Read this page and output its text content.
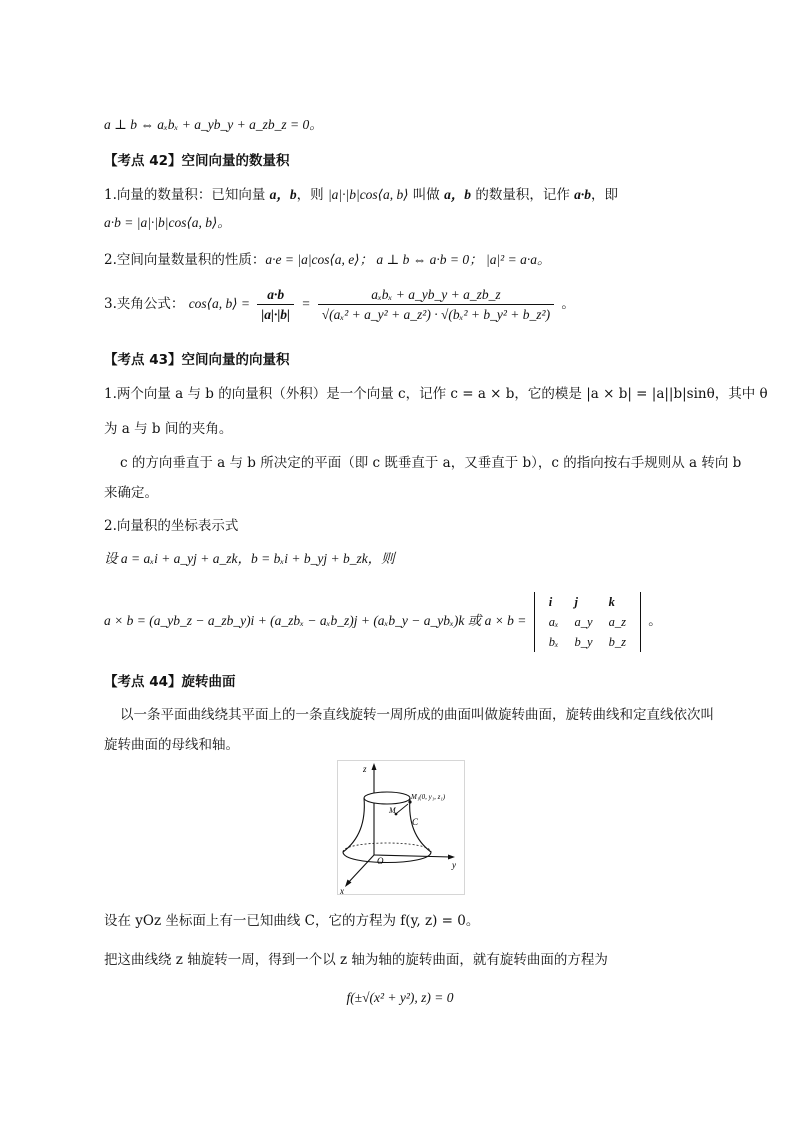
a ⊥ b ⇔ aₓbₓ + a_yb_y + a_zb_z = 0。
【考点 42】空间向量的数量积
1.向量的数量积：已知向量 a，b，则 |a|·|b|cos⟨a, b⟩ 叫做 a，b 的数量积，记作 a·b，即
a·b = |a|·|b|cos⟨a, b⟩。
2.空间向量数量积的性质：a·e = |a|cos⟨a, e⟩； a ⊥ b ⇔ a·b = 0； |a|² = a·a。
3.夹角公式： cos⟨a, b⟩ = $\frac{a\cdot b}{|a|\cdot|b|} = \frac{\text{aₓbₓ + a\_yb\_y + a\_zb\_z}}{\text{√(aₓ² + a\_y² + a\_z²) · √(bₓ² + b\_y² + b\_z²)}}$ 。
【考点 43】空间向量的向量积
1.两个向量 a 与 b 的向量积（外积）是一个向量 c，记作 c = a × b，它的模是 |a × b| = |a||b|sinθ，其中 θ
为 a 与 b 间的夹角。
c 的方向垂直于 a 与 b 所决定的平面（即 c 既垂直于 a，又垂直于 b），c 的指向按右手规则从 a 转向 b
来确定。
2.向量积的坐标表示式
设 a = aₓi + a_yj + a_zk，b = bₓi + b_yj + b_zk，则
a × b = (a_yb_z − a_zb_y)i + (a_zbₓ − aₓb_z)j + (aₓb_y − a_ybₓ)k 或 a × b =
i	j	k
aₓ	a_y	a_z
bₓ	b_y	b_z
。
【考点 44】旋转曲面
以一条平面曲线绕其平面上的一条直线旋转一周所成的曲面叫做旋转曲面，旋转曲线和定直线依次叫
旋转曲面的母线和轴。
z
y
x
O
C
M
M₁(0, y₁, z₁)
设在 yOz 坐标面上有一已知曲线 C，它的方程为 f(y, z) = 0。
把这曲线绕 z 轴旋转一周，得到一个以 z 轴为轴的旋转曲面，就有旋转曲面的方程为
f(±√(x² + y²), z) = 0
